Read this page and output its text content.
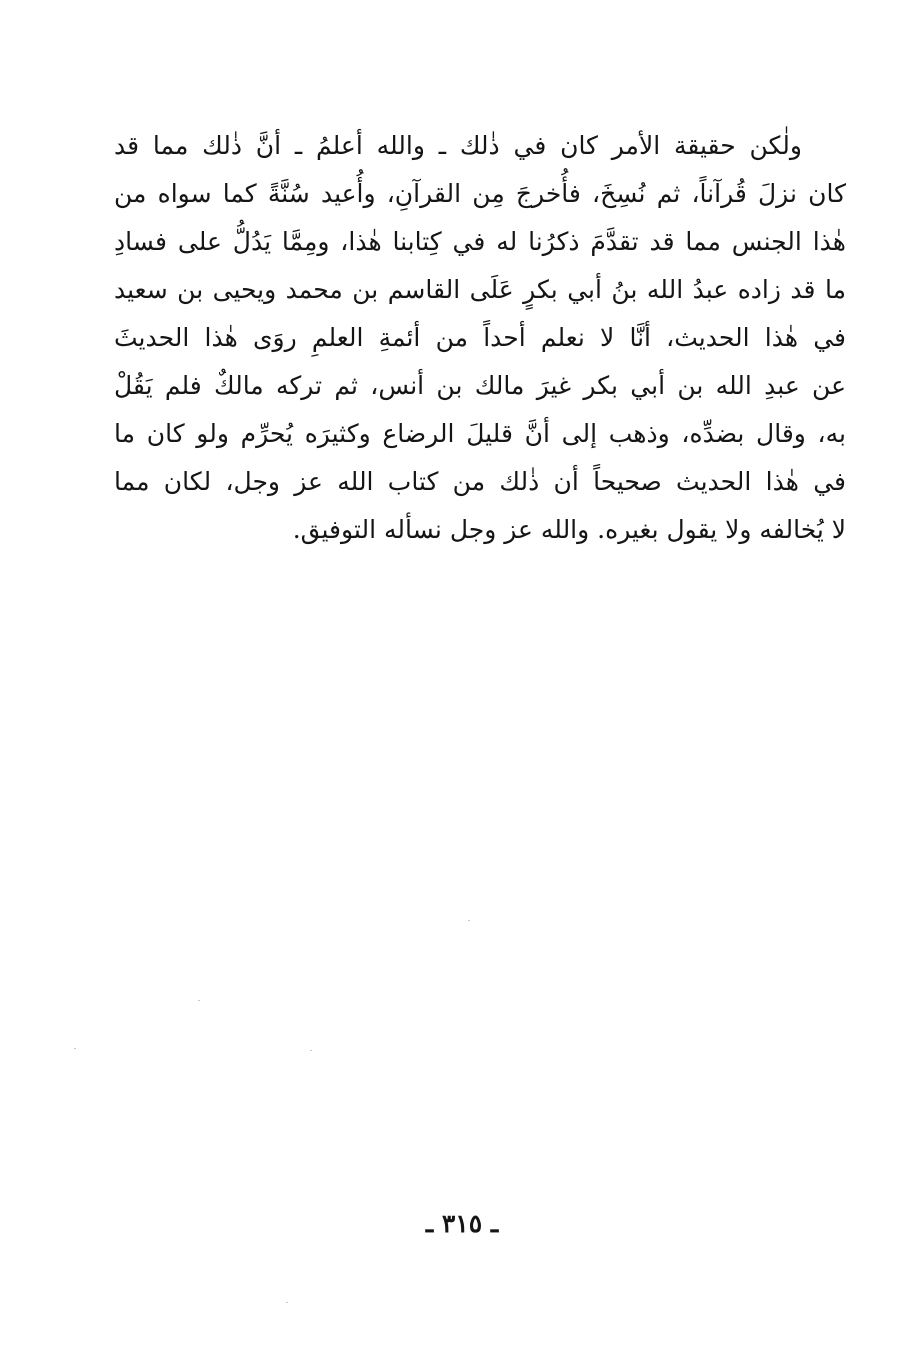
ولٰكن حقيقة الأمر كان في ذٰلك ـ والله أعلمُ ـ أنَّ ذٰلك مما قد
كان نزلَ قُرآناً، ثم نُسِخَ، فأُخرجَ مِن القرآنِ، وأُعيد سُنَّةً كما سواه من
هٰذا الجنس مما قد تقدَّمَ ذكرُنا له في كِتابنا هٰذا، ومِمَّا يَدُلُّ على فسادِ
ما قد زاده عبدُ الله بنُ أبي بكرٍ عَلَى القاسم بن محمد ويحيى بن سعيد
في هٰذا الحديث، أنَّا لا نعلم أحداً من أئمةِ العلمِ روَى هٰذا الحديثَ
عن عبدِ الله بن أبي بكر غيرَ مالك بن أنس، ثم تركه مالكٌ فلم يَقُلْ
به، وقال بضدِّه، وذهب إلى أنَّ قليلَ الرضاع وكثيرَه يُحرِّم ولو كان ما
في هٰذا الحديث صحيحاً أن ذٰلك من كتاب الله عز وجل، لكان مما
لا يُخالفه ولا يقول بغيره. والله عز وجل نسأله التوفيق.
ـ ٣١٥ ـ
